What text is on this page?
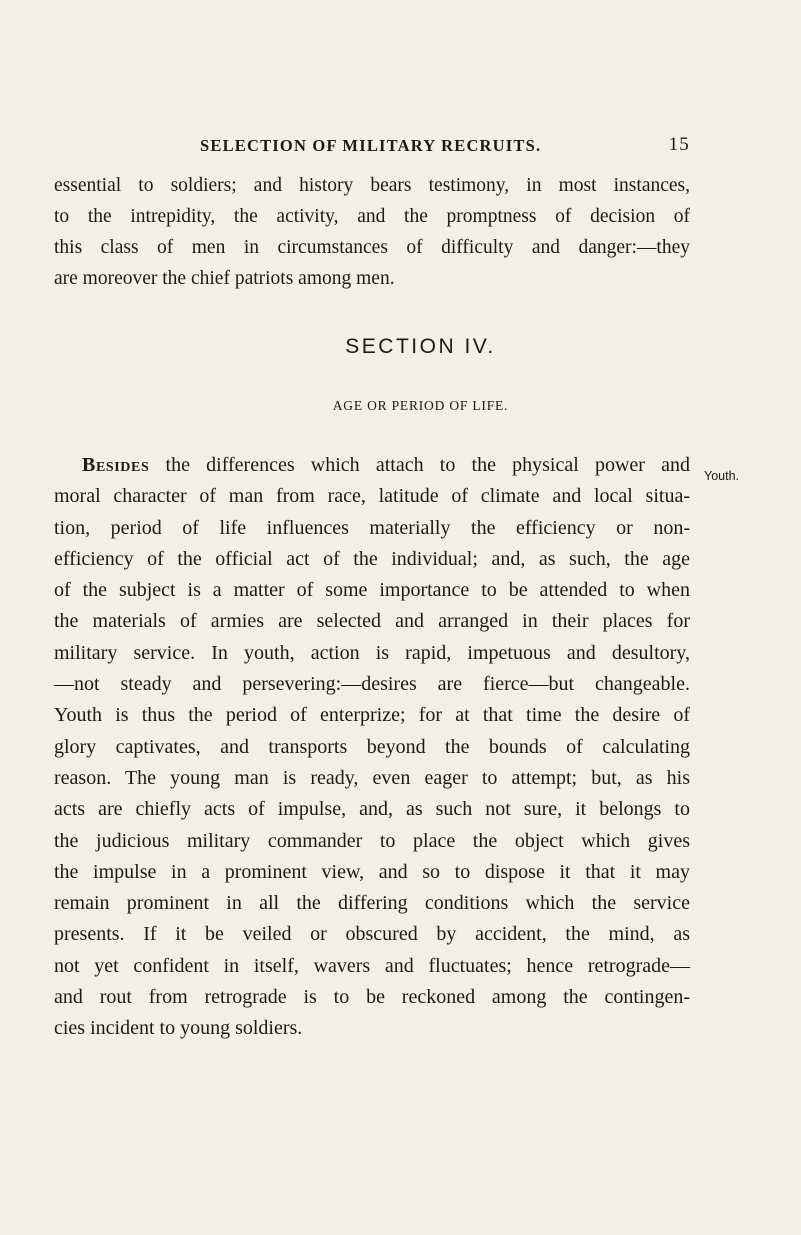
SELECTION OF MILITARY RECRUITS.	15

essential to soldiers; and history bears testimony, in most instances,
to the intrepidity, the activity, and the promptness of decision of
this class of men in circumstances of difficulty and danger:—they
are moreover the chief patriots among men.

SECTION IV.
AGE OR PERIOD OF LIFE.

Besides the differences which attach to the physical power and
moral character of man from race, latitude of climate and local situa-
tion, period of life influences materially the efficiency or non-
efficiency of the official act of the individual; and, as such, the age
of the subject is a matter of some importance to be attended to when
the materials of armies are selected and arranged in their places for
military service. In youth, action is rapid, impetuous and desultory,
—not steady and persevering:—desires are fierce—but changeable.
Youth is thus the period of enterprize; for at that time the desire of
glory captivates, and transports beyond the bounds of calculating
reason. The young man is ready, even eager to attempt; but, as his
acts are chiefly acts of impulse, and, as such not sure, it belongs to
the judicious military commander to place the object which gives
the impulse in a prominent view, and so to dispose it that it may
remain prominent in all the differing conditions which the service
presents. If it be veiled or obscured by accident, the mind, as
not yet confident in itself, wavers and fluctuates; hence retrograde—
and rout from retrograde is to be reckoned among the contingen-
cies incident to young soldiers.

Youth.
